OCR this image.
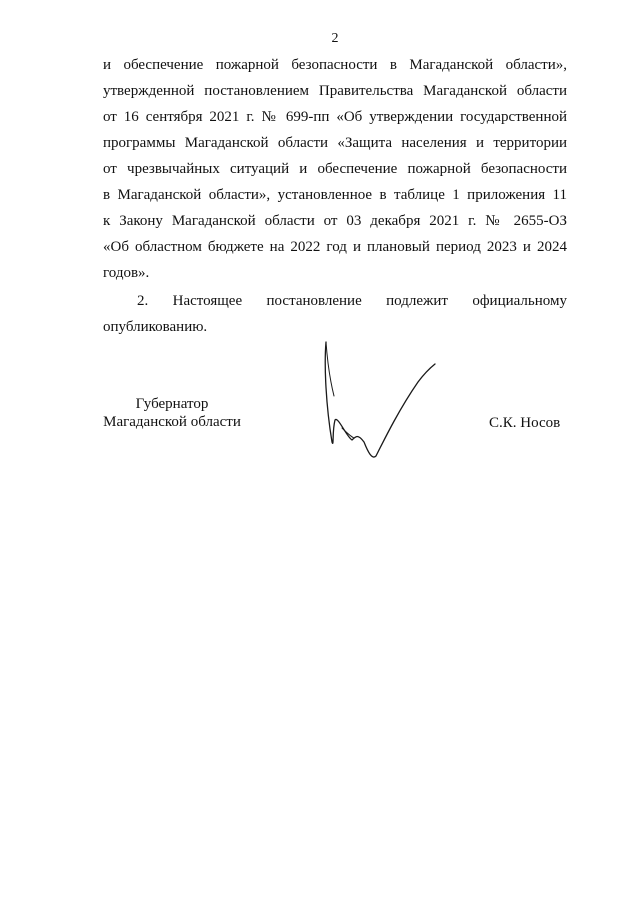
2
и обеспечение пожарной безопасности в Магаданской области»,
утвержденной постановлением Правительства Магаданской области
от 16 сентября 2021 г. № 699-пп «Об утверждении государственной
программы Магаданской области «Защита населения и территории
от чрезвычайных ситуаций и обеспечение пожарной безопасности
в Магаданской области», установленное в таблице 1 приложения 11
к Закону Магаданской области от 03 декабря 2021 г. № 2655-ОЗ
«Об областном бюджете на 2022 год и плановый период 2023 и 2024
годов».
2. Настоящее постановление подлежит официальному
опубликованию.
Губернатор
Магаданской области	С.К. Носов
